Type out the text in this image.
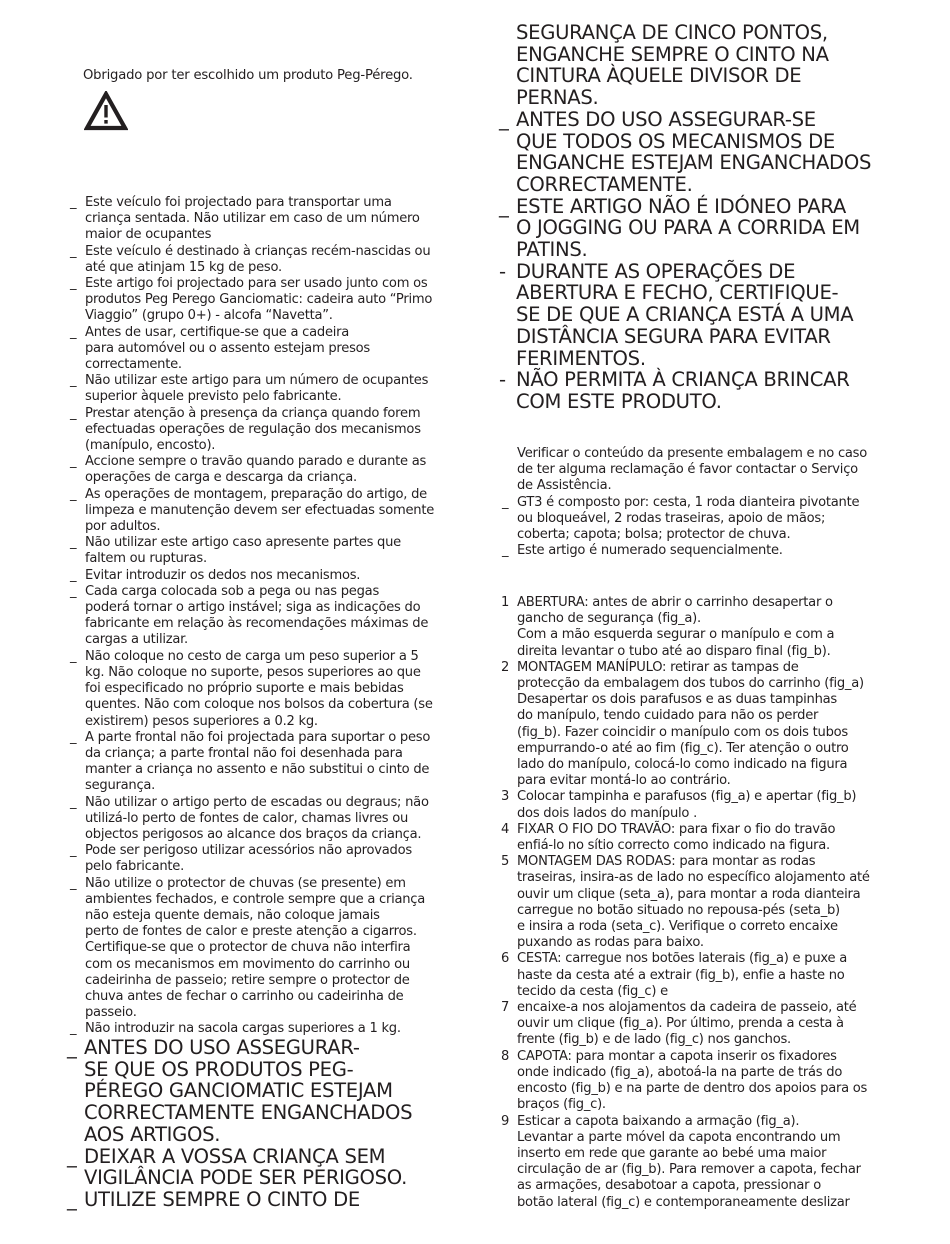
Obrigado por ter escolhido um produto Peg-Pérego.
_ Este veículo foi projectado para transportar uma
criança sentada. Não utilizar em caso de um número
maior de ocupantes
_ Este veículo é destinado à crianças recém-nascidas ou
até que atinjam 15 kg de peso.
_ Este artigo foi projectado para ser usado junto com os
produtos Peg Perego Ganciomatic: cadeira auto “Primo
Viaggio” (grupo 0+) - alcofa “Navetta”.
_ Antes de usar, certifique-se que a cadeira
para automóvel ou o assento estejam presos
correctamente.
_ Não utilizar este artigo para um número de ocupantes
superior àquele previsto pelo fabricante.
_ Prestar atenção à presença da criança quando forem
efectuadas operações de regulação dos mecanismos
(manípulo, encosto).
_ Accione sempre o travão quando parado e durante as
operações de carga e descarga da criança.
_ As operações de montagem, preparação do artigo, de
limpeza e manutenção devem ser efectuadas somente
por adultos.
_ Não utilizar este artigo caso apresente partes que
faltem ou rupturas.
_ Evitar introduzir os dedos nos mecanismos.
_ Cada carga colocada sob a pega ou nas pegas
poderá tornar o artigo instável; siga as indicações do
fabricante em relação às recomendações máximas de
cargas a utilizar.
_ Não coloque no cesto de carga um peso superior a 5
kg. Não coloque no suporte, pesos superiores ao que
foi especificado no próprio suporte e mais bebidas
quentes. Não com coloque nos bolsos da cobertura (se
existirem) pesos superiores a 0.2 kg.
_ A parte frontal não foi projectada para suportar o peso
da criança; a parte frontal não foi desenhada para
manter a criança no assento e não substitui o cinto de
segurança.
_ Não utilizar o artigo perto de escadas ou degraus; não
utilizá-lo perto de fontes de calor, chamas livres ou
objectos perigosos ao alcance dos braços da criança.
_ Pode ser perigoso utilizar acessórios não aprovados
pelo fabricante.
_ Não utilize o protector de chuvas (se presente) em
ambientes fechados, e controle sempre que a criança
não esteja quente demais, não coloque jamais
perto de fontes de calor e preste atenção a cigarros.
Certifique-se que o protector de chuva não interfira
com os mecanismos em movimento do carrinho ou
cadeirinha de passeio; retire sempre o protector de
chuva antes de fechar o carrinho ou cadeirinha de
passeio.
_ Não introduzir na sacola cargas superiores a 1 kg.
_ ANTES DO USO ASSEGURAR-
SE QUE OS PRODUTOS PEG-
PÉREGO GANCIOMATIC ESTEJAM
CORRECTAMENTE ENGANCHADOS
AOS ARTIGOS.
_ DEIXAR A VOSSA CRIANÇA SEM
VIGILÂNCIA PODE SER PERIGOSO.
_ UTILIZE SEMPRE O CINTO DE
SEGURANÇA DE CINCO PONTOS,
ENGANCHE SEMPRE O CINTO NA
CINTURA ÀQUELE DIVISOR DE
PERNAS.
_ ANTES DO USO ASSEGURAR-SE
QUE TODOS OS MECANISMOS DE
ENGANCHE ESTEJAM ENGANCHADOS
CORRECTAMENTE.
_ ESTE ARTIGO NÃO É IDÓNEO PARA
O JOGGING OU PARA A CORRIDA EM
PATINS.
- DURANTE AS OPERAÇÕES DE
ABERTURA E FECHO, CERTIFIQUE-
SE DE QUE A CRIANÇA ESTÁ A UMA
DISTÂNCIA SEGURA PARA EVITAR
FERIMENTOS.
- NÃO PERMITA À CRIANÇA BRINCAR
COM ESTE PRODUTO.
Verificar o conteúdo da presente embalagem e no caso
de ter alguma reclamação é favor contactar o Serviço
de Assistência.
_ GT3 é composto por: cesta, 1 roda dianteira pivotante
ou bloqueável, 2 rodas traseiras, apoio de mãos;
coberta; capota; bolsa; protector de chuva.
_ Este artigo é numerado sequencialmente.
1 ABERTURA: antes de abrir o carrinho desapertar o
gancho de segurança (fig_a).
Com a mão esquerda segurar o manípulo e com a
direita levantar o tubo até ao disparo final (fig_b).
2 MONTAGEM MANÍPULO: retirar as tampas de
protecção da embalagem dos tubos do carrinho (fig_a)
Desapertar os dois parafusos e as duas tampinhas
do manípulo, tendo cuidado para não os perder
(fig_b). Fazer coincidir o manípulo com os dois tubos
empurrando-o até ao fim (fig_c). Ter atenção o outro
lado do manípulo, colocá-lo como indicado na figura
para evitar montá-lo ao contrário.
3 Colocar tampinha e parafusos (fig_a) e apertar (fig_b)
dos dois lados do manípulo .
4 FIXAR O FIO DO TRAVÃO: para fixar o fio do travão
enfiá-lo no sítio correcto como indicado na figura.
5 MONTAGEM DAS RODAS: para montar as rodas
traseiras, insira-as de lado no específico alojamento até
ouvir um clique (seta_a), para montar a roda dianteira
carregue no botão situado no repousa-pés (seta_b)
e insira a roda (seta_c). Verifique o correto encaixe
puxando as rodas para baixo.
6 CESTA: carregue nos botões laterais (fig_a) e puxe a
haste da cesta até a extrair (fig_b), enfie a haste no
tecido da cesta (fig_c) e
7 encaixe-a nos alojamentos da cadeira de passeio, até
ouvir um clique (fig_a). Por último, prenda a cesta à
frente (fig_b) e de lado (fig_c) nos ganchos.
8 CAPOTA: para montar a capota inserir os fixadores
onde indicado (fig_a), abotoá-la na parte de trás do
encosto (fig_b) e na parte de dentro dos apoios para os
braços (fig_c).
9 Esticar a capota baixando a armação (fig_a).
Levantar a parte móvel da capota encontrando um
inserto em rede que garante ao bebé uma maior
circulação de ar (fig_b). Para remover a capota, fechar
as armações, desabotoar a capota, pressionar o
botão lateral (fig_c) e contemporaneamente deslizar
